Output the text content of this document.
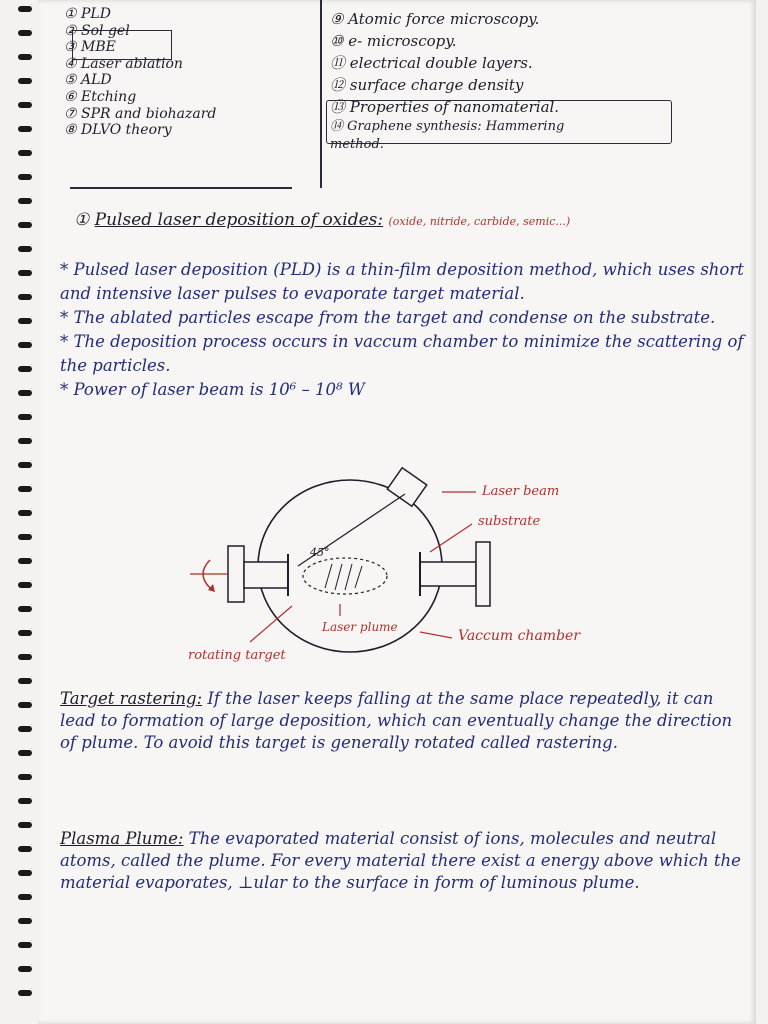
① PLD
② Sol gel
③ MBE
④ Laser ablation
⑤ ALD
⑥ Etching
⑦ SPR and biohazard
⑧ DLVO theory
⑨ Atomic force microscopy.
⑩ e- microscopy.
⑪ electrical double layers.
⑫ surface charge density
⑬ Properties of nanomaterial.
⑭ Graphene synthesis: Hammering method.
① Pulsed laser deposition of oxides: (oxide, nitride, carbide, semic...)
* Pulsed laser deposition (PLD) is a thin-film deposition method, which uses short and intensive laser pulses to evaporate target material.
* The ablated particles escape from the target and condense on the substrate.
* The deposition process occurs in vaccum chamber to minimize the scattering of the particles.
* Power of laser beam is 10⁶ – 10⁸ W
45°
Laser beam
substrate
Laser plume
Vaccum chamber
rotating target
Target rastering: If the laser keeps falling at the same place repeatedly, it can lead to formation of large deposition, which can eventually change the direction of plume. To avoid this target is generally rotated called rastering.
Plasma Plume: The evaporated material consist of ions, molecules and neutral atoms, called the plume. For every material there exist a energy above which the material evaporates, ⊥ular to the surface in form of luminous plume.
